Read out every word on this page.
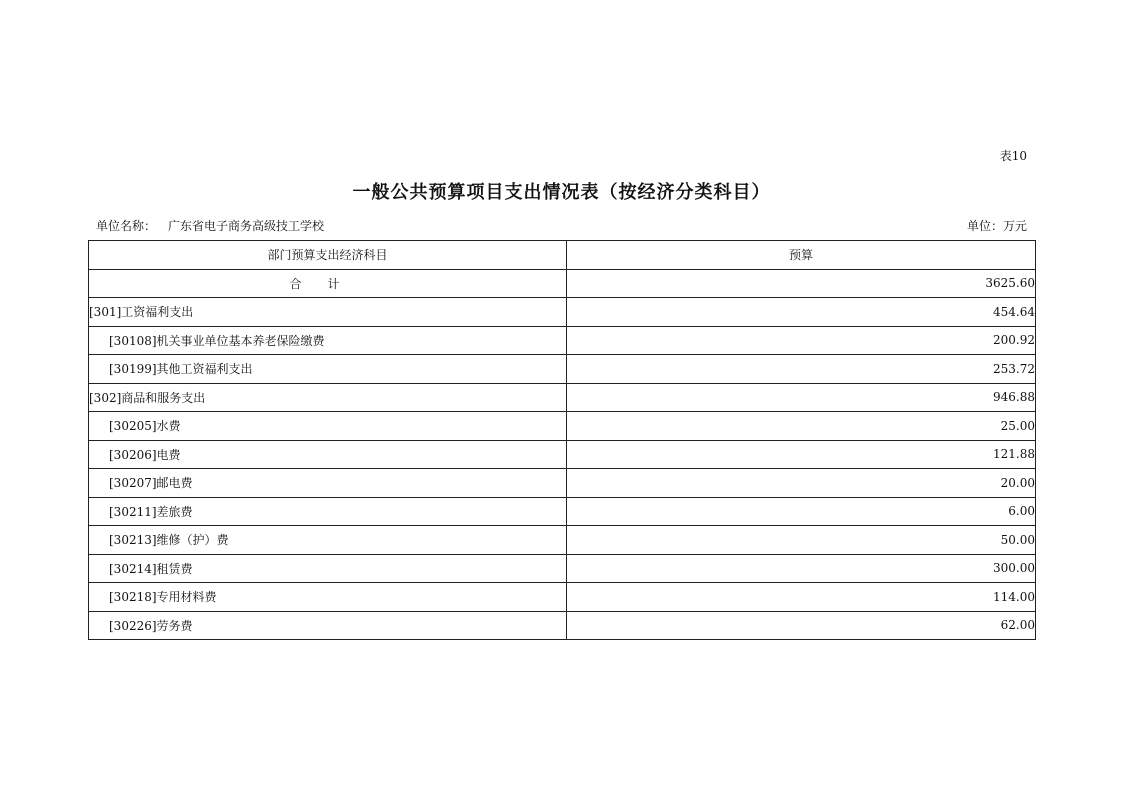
表10
一般公共预算项目支出情况表（按经济分类科目）
单位名称： 广东省电子商务高级技工学校	单位：万元
部门预算支出经济科目	预算
合计	3625.60
[301]工资福利支出	454.64
[30108]机关事业单位基本养老保险缴费	200.92
[30199]其他工资福利支出	253.72
[302]商品和服务支出	946.88
[30205]水费	25.00
[30206]电费	121.88
[30207]邮电费	20.00
[30211]差旅费	6.00
[30213]维修（护）费	50.00
[30214]租赁费	300.00
[30218]专用材料费	114.00
[30226]劳务费	62.00
